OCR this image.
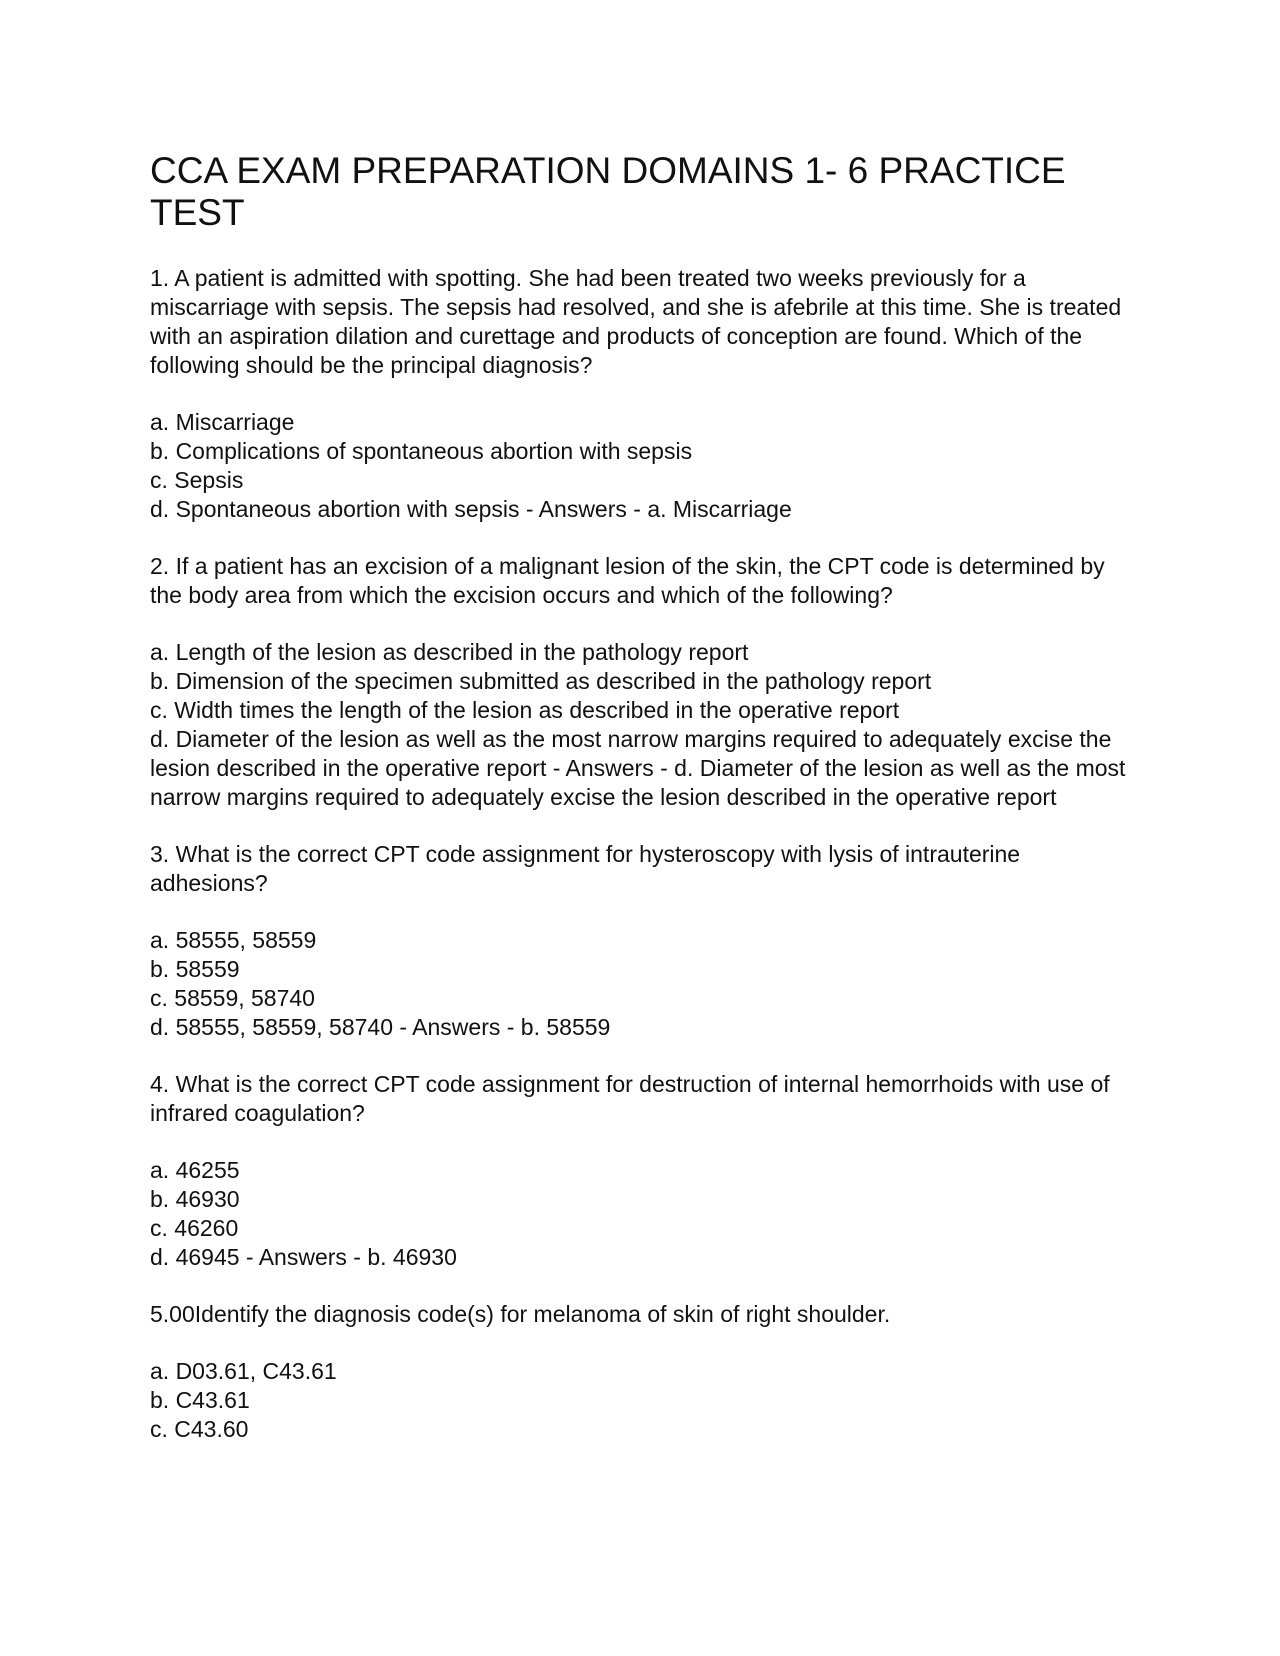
CCA EXAM PREPARATION DOMAINS 1- 6 PRACTICE TEST

1. A patient is admitted with spotting. She had been treated two weeks previously for a miscarriage with sepsis. The sepsis had resolved, and she is afebrile at this time. She is treated with an aspiration dilation and curettage and products of conception are found. Which of the following should be the principal diagnosis?

a. Miscarriage
b. Complications of spontaneous abortion with sepsis
c. Sepsis
d. Spontaneous abortion with sepsis - Answers - a. Miscarriage

2. If a patient has an excision of a malignant lesion of the skin, the CPT code is determined by the body area from which the excision occurs and which of the following?

a. Length of the lesion as described in the pathology report
b. Dimension of the specimen submitted as described in the pathology report
c. Width times the length of the lesion as described in the operative report
d. Diameter of the lesion as well as the most narrow margins required to adequately excise the lesion described in the operative report - Answers - d. Diameter of the lesion as well as the most narrow margins required to adequately excise the lesion described in the operative report

3. What is the correct CPT code assignment for hysteroscopy with lysis of intrauterine adhesions?

a. 58555, 58559
b. 58559
c. 58559, 58740
d. 58555, 58559, 58740 - Answers - b. 58559

4. What is the correct CPT code assignment for destruction of internal hemorrhoids with use of infrared coagulation?

a. 46255
b. 46930
c. 46260
d. 46945 - Answers - b. 46930

5.00Identify the diagnosis code(s) for melanoma of skin of right shoulder.

a. D03.61, C43.61
b. C43.61
c. C43.60
